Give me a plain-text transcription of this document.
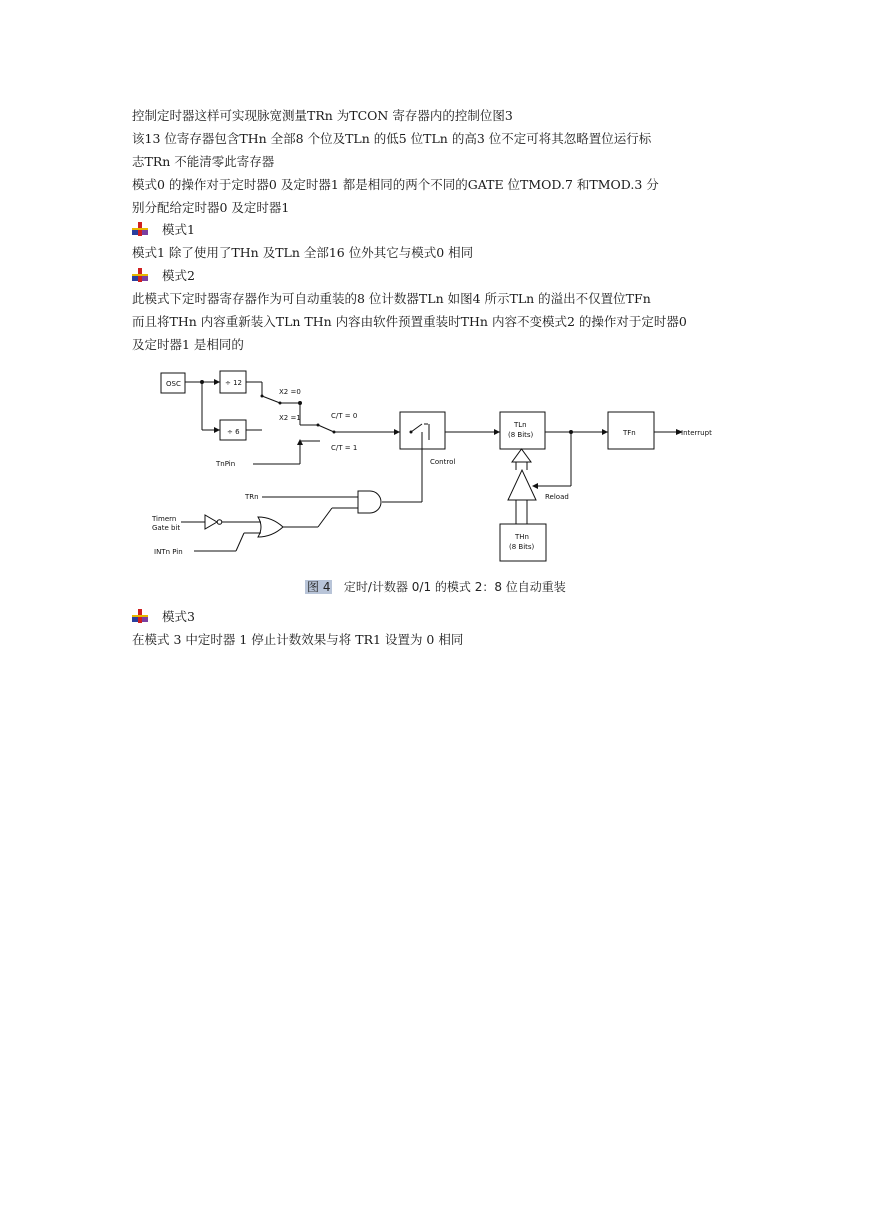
控制定时器这样可实现脉宽测量TRn 为TCON 寄存器内的控制位图3
该13 位寄存器包含THn 全部8 个位及TLn 的低5 位TLn 的高3 位不定可将其忽略置位运行标
志TRn 不能清零此寄存器
模式0 的操作对于定时器0 及定时器1 都是相同的两个不同的GATE 位TMOD.7 和TMOD.3 分
别分配给定时器0 及定时器1
模式1
模式1 除了使用了THn 及TLn 全部16 位外其它与模式0 相同
模式2
此模式下定时器寄存器作为可自动重装的8 位计数器TLn 如图4 所示TLn 的溢出不仅置位TFn
而且将THn 内容重新装入TLn THn 内容由软件预置重装时THn 内容不变模式2 的操作对于定时器0
及定时器1 是相同的
OSC	÷ 12
÷ 6
X2 =0
X2 =1	C/T = 0
C/T = 1
TnPin	Control
TLn
(8 Bits)	TFn	Interrupt
Reload
THn
(8 Bits)
TRn
Timern
Gate bit
INTn Pin
图 4 定时/计数器 0/1 的模式 2：8 位自动重装
模式3
在模式 3 中定时器 1 停止计数效果与将 TR1 设置为 0 相同
